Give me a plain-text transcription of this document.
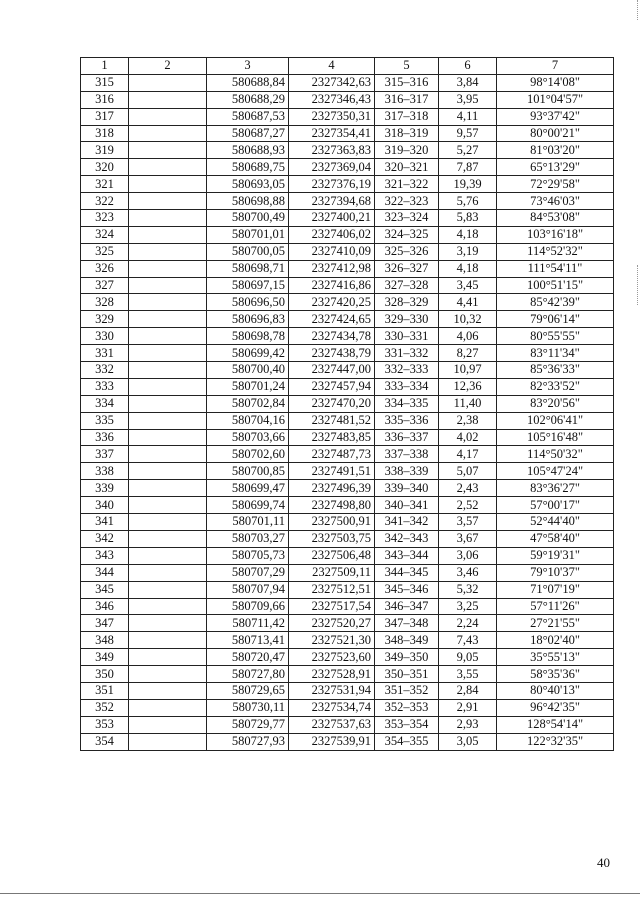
1	2	3	4	5	6	7
315		580688,84	2327342,63	315–316	3,84	98°14'08"
316		580688,29	2327346,43	316–317	3,95	101°04'57"
317		580687,53	2327350,31	317–318	4,11	93°37'42"
318		580687,27	2327354,41	318–319	9,57	80°00'21"
319		580688,93	2327363,83	319–320	5,27	81°03'20"
320		580689,75	2327369,04	320–321	7,87	65°13'29"
321		580693,05	2327376,19	321–322	19,39	72°29'58"
322		580698,88	2327394,68	322–323	5,76	73°46'03"
323		580700,49	2327400,21	323–324	5,83	84°53'08"
324		580701,01	2327406,02	324–325	4,18	103°16'18"
325		580700,05	2327410,09	325–326	3,19	114°52'32"
326		580698,71	2327412,98	326–327	4,18	111°54'11"
327		580697,15	2327416,86	327–328	3,45	100°51'15"
328		580696,50	2327420,25	328–329	4,41	85°42'39"
329		580696,83	2327424,65	329–330	10,32	79°06'14"
330		580698,78	2327434,78	330–331	4,06	80°55'55"
331		580699,42	2327438,79	331–332	8,27	83°11'34"
332		580700,40	2327447,00	332–333	10,97	85°36'33"
333		580701,24	2327457,94	333–334	12,36	82°33'52"
334		580702,84	2327470,20	334–335	11,40	83°20'56"
335		580704,16	2327481,52	335–336	2,38	102°06'41"
336		580703,66	2327483,85	336–337	4,02	105°16'48"
337		580702,60	2327487,73	337–338	4,17	114°50'32"
338		580700,85	2327491,51	338–339	5,07	105°47'24"
339		580699,47	2327496,39	339–340	2,43	83°36'27"
340		580699,74	2327498,80	340–341	2,52	57°00'17"
341		580701,11	2327500,91	341–342	3,57	52°44'40"
342		580703,27	2327503,75	342–343	3,67	47°58'40"
343		580705,73	2327506,48	343–344	3,06	59°19'31"
344		580707,29	2327509,11	344–345	3,46	79°10'37"
345		580707,94	2327512,51	345–346	5,32	71°07'19"
346		580709,66	2327517,54	346–347	3,25	57°11'26"
347		580711,42	2327520,27	347–348	2,24	27°21'55"
348		580713,41	2327521,30	348–349	7,43	18°02'40"
349		580720,47	2327523,60	349–350	9,05	35°55'13"
350		580727,80	2327528,91	350–351	3,55	58°35'36"
351		580729,65	2327531,94	351–352	2,84	80°40'13"
352		580730,11	2327534,74	352–353	2,91	96°42'35"
353		580729,77	2327537,63	353–354	2,93	128°54'14"
354		580727,93	2327539,91	354–355	3,05	122°32'35"
40
